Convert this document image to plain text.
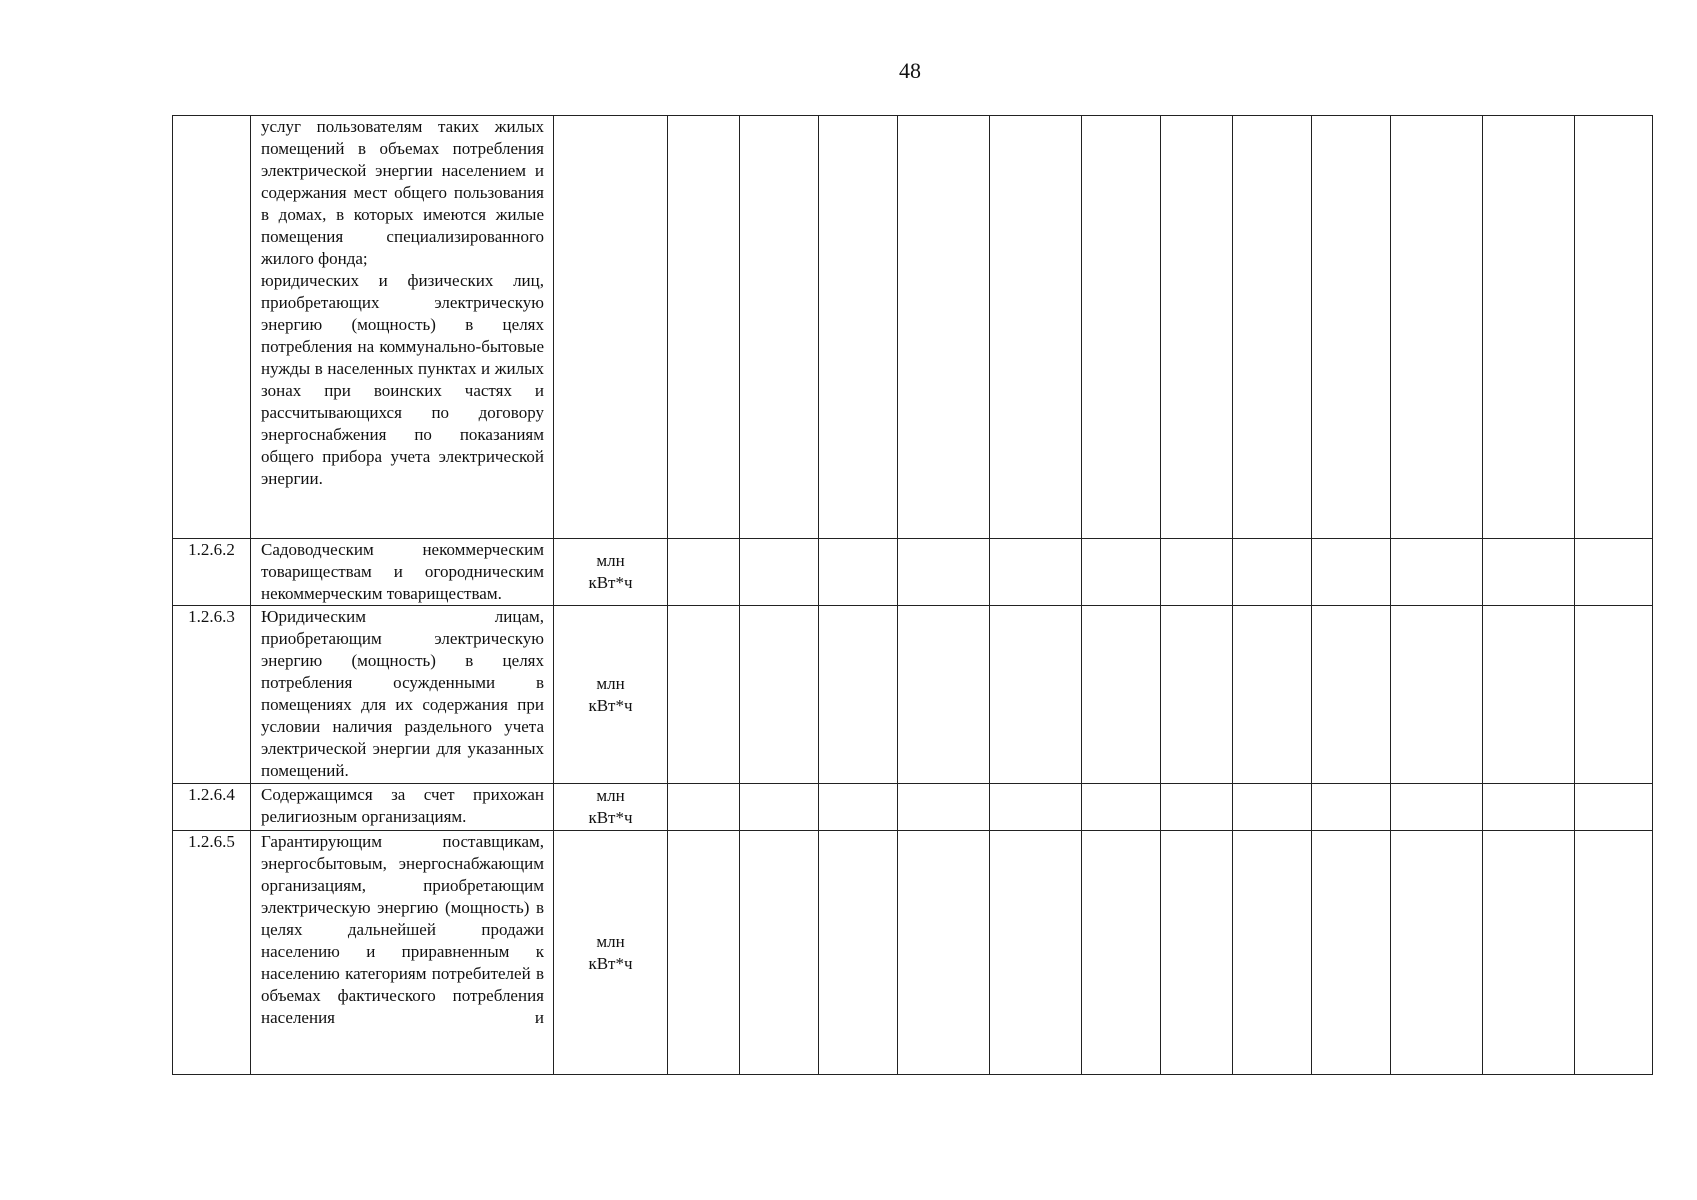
48

	услуг пользователям таких жилых помещений в объемах потребления электрической энергии населением и содержания мест общего пользования в домах, в которых имеются жилые помещения специализированного жилого фонда;
юридических и физических лиц, приобретающих электрическую энергию (мощность) в целях потребления на коммунально-бытовые нужды в населенных пунктах и жилых зонах при воинских частях и рассчитывающихся по договору энергоснабжения по показаниям общего прибора учета электрической энергии.													

1.2.6.2	Садоводческим некоммерческим товариществам и огородническим некоммерческим товариществам.	млн
кВт*ч												

1.2.6.3	Юридическим лицам, приобретающим электрическую энергию (мощность) в целях потребления осужденными в помещениях для их содержания при условии наличия раздельного учета электрической энергии для указанных помещений.	млн
кВт*ч												

1.2.6.4	Содержащимся за счет прихожан религиозным организациям.	млн
кВт*ч												

1.2.6.5	Гарантирующим поставщикам, энергосбытовым, энергоснабжающим организациям, приобретающим электрическую энергию (мощность) в целях дальнейшей продажи населению и приравненным к населению категориям потребителей в объемах фактического потребления населения и	млн
кВт*ч												
